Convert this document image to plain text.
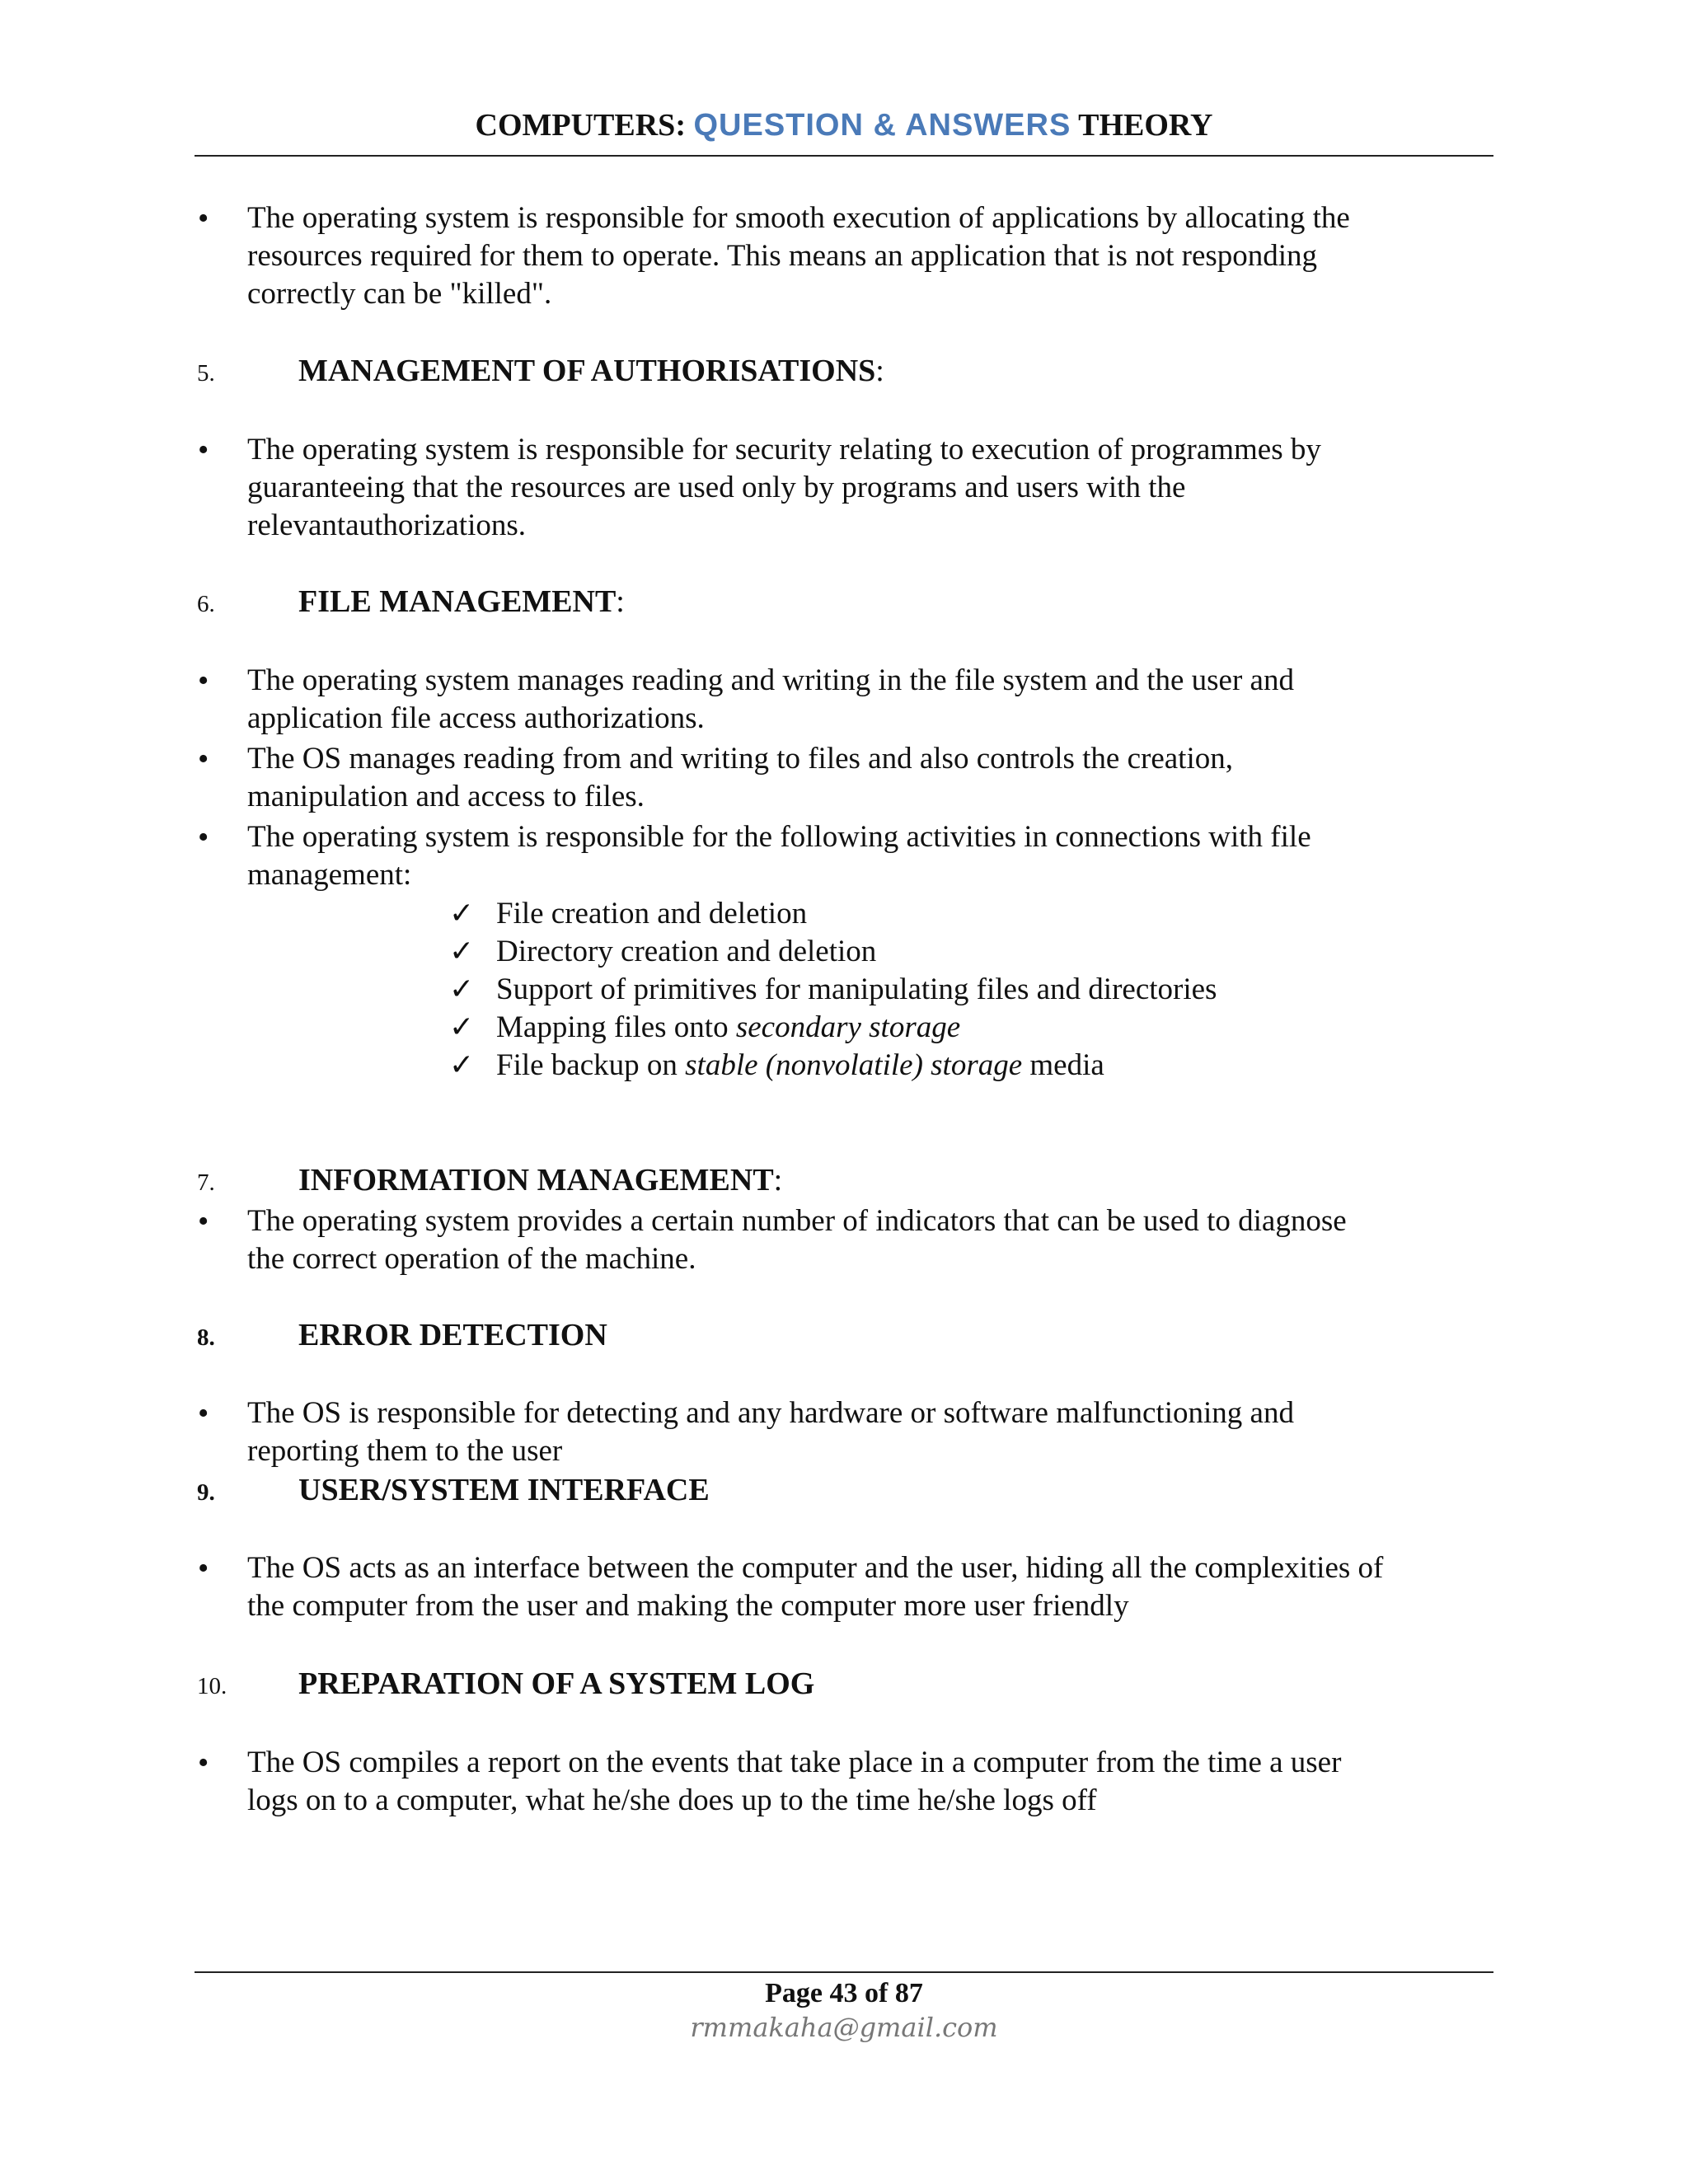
COMPUTERS: QUESTION & ANSWERS THEORY
• The operating system is responsible for smooth execution of applications by allocating the
resources required for them to operate. This means an application that is not responding
correctly can be "killed".
5.	MANAGEMENT OF AUTHORISATIONS:
• The operating system is responsible for security relating to execution of programmes by
guaranteeing that the resources are used only by programs and users with the
relevantauthorizations.
6.	FILE MANAGEMENT:
• The operating system manages reading and writing in the file system and the user and
application file access authorizations.
• The OS manages reading from and writing to files and also controls the creation,
manipulation and access to files.
• The operating system is responsible for the following activities in connections with file
management:
✓ File creation and deletion
✓ Directory creation and deletion
✓ Support of primitives for manipulating files and directories
✓ Mapping files onto secondary storage
✓ File backup on stable (nonvolatile) storage media
7.	INFORMATION MANAGEMENT:
• The operating system provides a certain number of indicators that can be used to diagnose
the correct operation of the machine.
8.	ERROR DETECTION
• The OS is responsible for detecting and any hardware or software malfunctioning and
reporting them to the user
9.	USER/SYSTEM INTERFACE
• The OS acts as an interface between the computer and the user, hiding all the complexities of
the computer from the user and making the computer more user friendly
10. PREPARATION OF A SYSTEM LOG
• The OS compiles a report on the events that take place in a computer from the time a user
logs on to a computer, what he/she does up to the time he/she logs off
Page 43 of 87
rmmakaha@gmail.com
